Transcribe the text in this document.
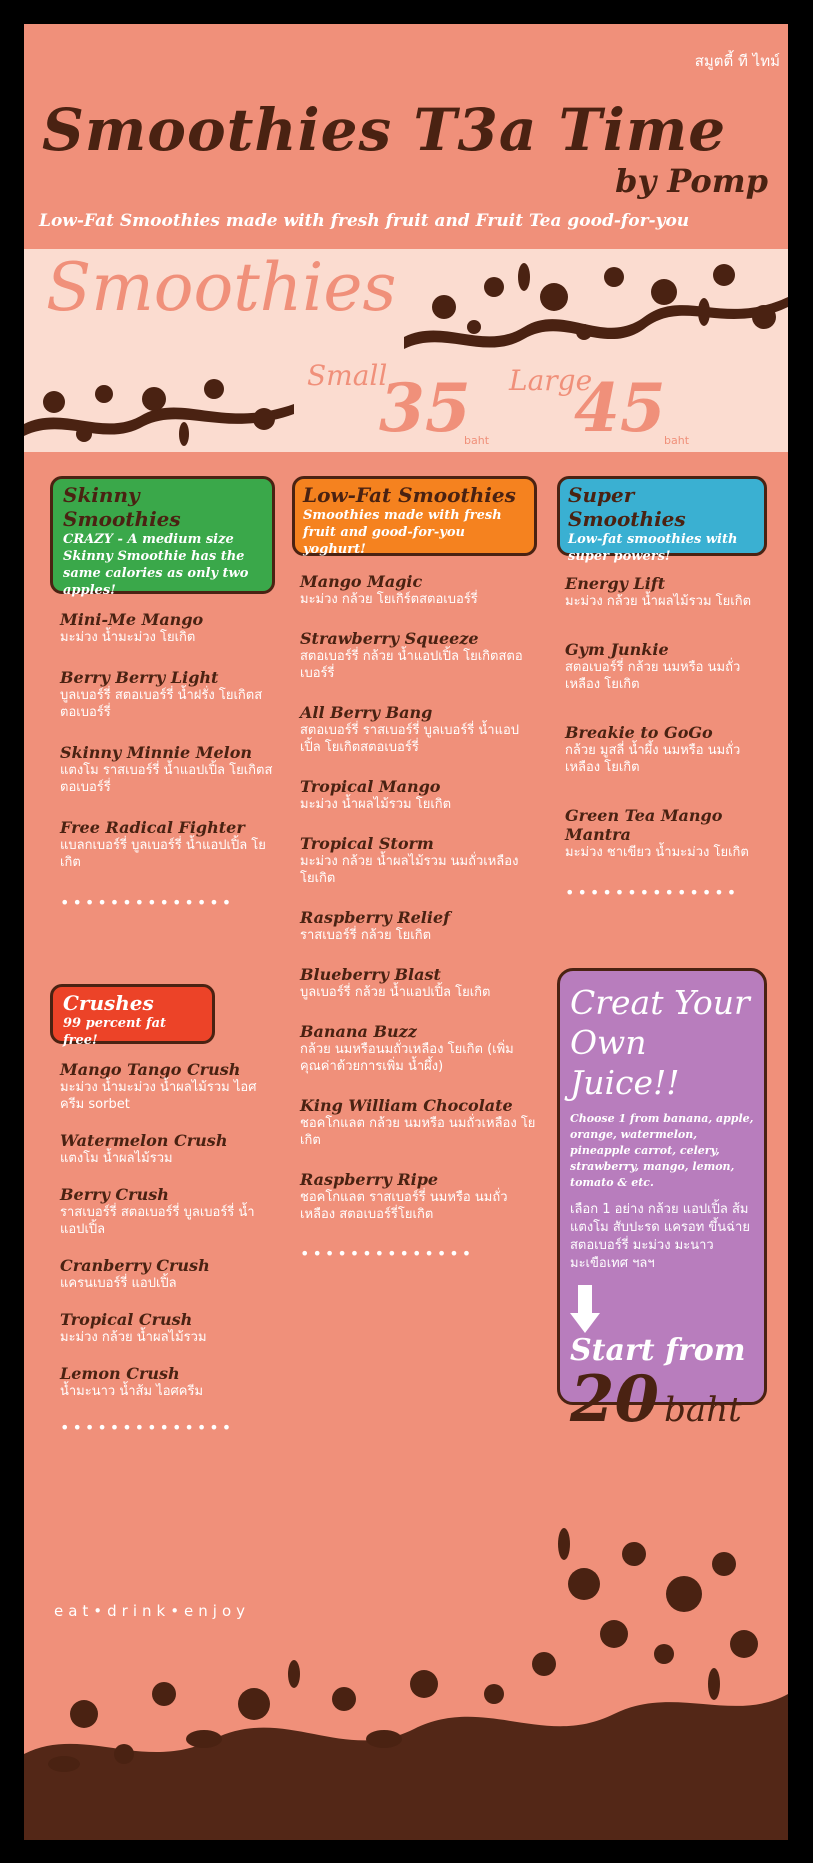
สมูตตี้ ที ไทม์
Smoothies T3a Time
by Pomp
Low-Fat Smoothies made with fresh fruit and Fruit Tea good-for-you
Smoothies
Small
35
baht
Large
45
baht
Skinny Smoothies
CRAZY - A medium size Skinny Smoothie has the same calories as only two apples!
Mini-Me Mango
มะม่วง น้ำมะม่วง โยเกิต
Berry Berry Light
บูลเบอร์รี่ สตอเบอร์รี่ น้ำฝรั่ง โยเกิตสตอเบอร์รี่
Skinny Minnie Melon
แตงโม ราสเบอร์รี่ น้ำแอปเปิ้ล โยเกิตสตอเบอร์รี่
Free Radical Fighter
แบลกเบอร์รี่ บูลเบอร์รี่ น้ำแอปเปิ้ล โยเกิต
••••••••••••••
Crushes
99 percent fat free!
Mango Tango Crush
มะม่วง น้ำมะม่วง น้ำผลไม้รวม ไอศครีม sorbet
Watermelon Crush
แตงโม น้ำผลไม้รวม
Berry Crush
ราสเบอร์รี่ สตอเบอร์รี่ บูลเบอร์รี่ น้ำแอปเปิ้ล
Cranberry Crush
แครนเบอร์รี่ แอปเปิ้ล
Tropical Crush
มะม่วง กล้วย น้ำผลไม้รวม
Lemon Crush
น้ำมะนาว น้ำส้ม ไอศครีม
••••••••••••••
Low-Fat Smoothies
Smoothies made with fresh fruit and good-for-you yoghurt!
Mango Magic
มะม่วง กล้วย โยเกิร์ตสตอเบอร์รี่
Strawberry Squeeze
สตอเบอร์รี่ กล้วย น้ำแอปเปิ้ล โยเกิตสตอเบอร์รี่
All Berry Bang
สตอเบอร์รี่ ราสเบอร์รี่ บูลเบอร์รี่ น้ำแอปเปิ้ล โยเกิตสตอเบอร์รี่
Tropical Mango
มะม่วง น้ำผลไม้รวม โยเกิต
Tropical Storm
มะม่วง กล้วย น้ำผลไม้รวม นมถั่วเหลือง โยเกิต
Raspberry Relief
ราสเบอร์รี่ กล้วย โยเกิต
Blueberry Blast
บูลเบอร์รี่ กล้วย น้ำแอปเปิ้ล โยเกิต
Banana Buzz
กล้วย นมหรือนมถั่วเหลือง โยเกิต (เพิ่มคุณค่าด้วยการเพิ่ม น้ำผึ้ง)
King William Chocolate
ชอคโกแลต กล้วย นมหรือ นมถั่วเหลือง โยเกิต
Raspberry Ripe
ชอคโกแลต ราสเบอร์รี่ นมหรือ นมถั่วเหลือง สตอเบอร์รี่โยเกิต
••••••••••••••
Super Smoothies
Low-fat smoothies with super powers!
Energy Lift
มะม่วง กล้วย น้ำผลไม้รวม โยเกิต
Gym Junkie
สตอเบอร์รี่ กล้วย นมหรือ นมถั่วเหลือง โยเกิต
Breakie to GoGo
กล้วย มูสลี่ น้ำผึ้ง นมหรือ นมถั่วเหลือง โยเกิต
Green Tea Mango Mantra
มะม่วง ชาเขียว น้ำมะม่วง โยเกิต
••••••••••••••
Creat Your Own Juice!!
Choose 1 from banana, apple, orange, watermelon, pineapple carrot, celery, strawberry, mango, lemon, tomato & etc.
เลือก 1 อย่าง กล้วย แอปเปิ้ล ส้ม แตงโม สับปะรด แครอท ขึ้นฉ่าย สตอเบอร์รี่ มะม่วง มะนาว มะเขือเทศ ฯลฯ
Start from
20 baht
eat•drink•enjoy
